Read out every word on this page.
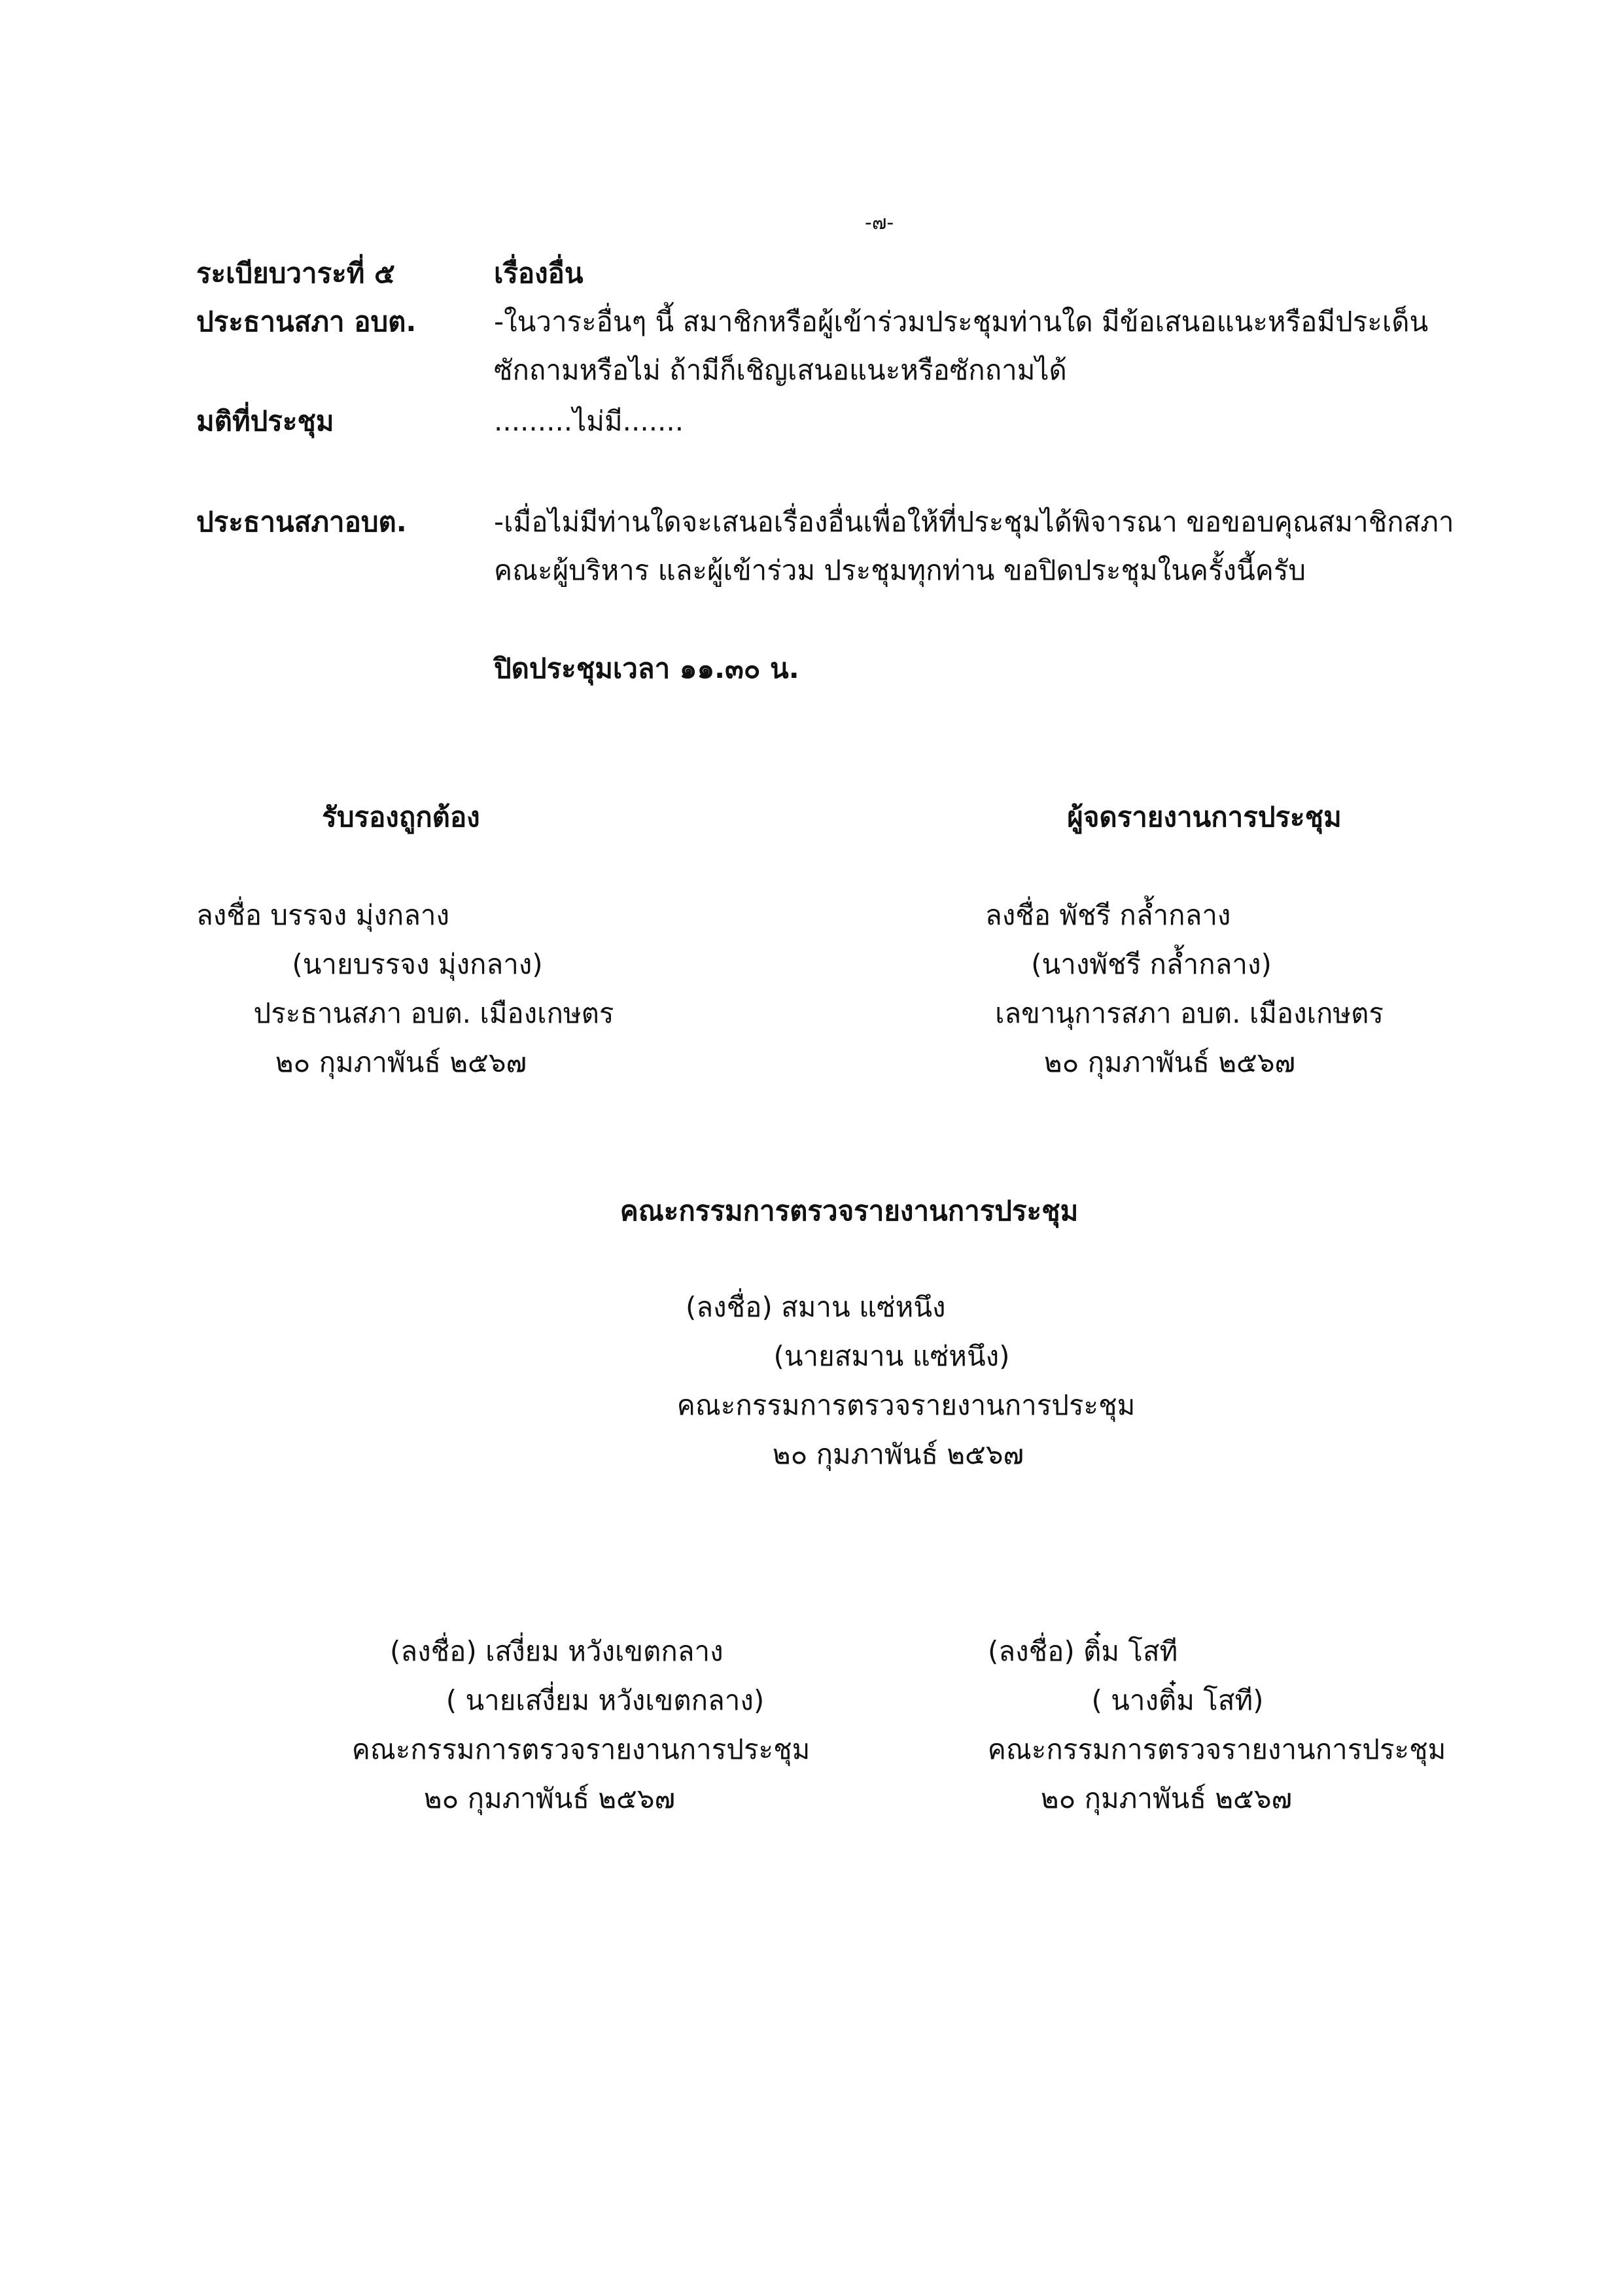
-๗-
ระเบียบวาระที่ ๕	เรื่องอื่น
ประธานสภา อบต.	-ในวาระอื่นๆ นี้ สมาชิกหรือผู้เข้าร่วมประชุมท่านใด มีข้อเสนอแนะหรือมีประเด็น
ซักถามหรือไม่ ถ้ามีก็เชิญเสนอแนะหรือซักถามได้
มติที่ประชุม	.........ไม่มี.......
ประธานสภาอบต.	-เมื่อไม่มีท่านใดจะเสนอเรื่องอื่นเพื่อให้ที่ประชุมได้พิจารณา ขอขอบคุณสมาชิกสภา
คณะผู้บริหาร และผู้เข้าร่วม ประชุมทุกท่าน ขอปิดประชุมในครั้งนี้ครับ
ปิดประชุมเวลา ๑๑.๓๐ น.
รับรองถูกต้อง
ลงชื่อ บรรจง มุ่งกลาง
(นายบรรจง มุ่งกลาง)
ประธานสภา อบต. เมืองเกษตร
๒๐ กุมภาพันธ์ ๒๕๖๗
ผู้จดรายงานการประชุม
ลงชื่อ พัชรี กล้ำกลาง
(นางพัชรี กล้ำกลาง)
เลขานุการสภา อบต. เมืองเกษตร
๒๐ กุมภาพันธ์ ๒๕๖๗
คณะกรรมการตรวจรายงานการประชุม
(ลงชื่อ) สมาน แซ่หนึง
(นายสมาน แซ่หนึง)
คณะกรรมการตรวจรายงานการประชุม
๒๐ กุมภาพันธ์ ๒๕๖๗
(ลงชื่อ) เสงี่ยม หวังเขตกลาง
( นายเสงี่ยม หวังเขตกลาง)
คณะกรรมการตรวจรายงานการประชุม
๒๐ กุมภาพันธ์ ๒๕๖๗
(ลงชื่อ) ติ๋ม โสที
( นางติ๋ม โสที)
คณะกรรมการตรวจรายงานการประชุม
๒๐ กุมภาพันธ์ ๒๕๖๗
